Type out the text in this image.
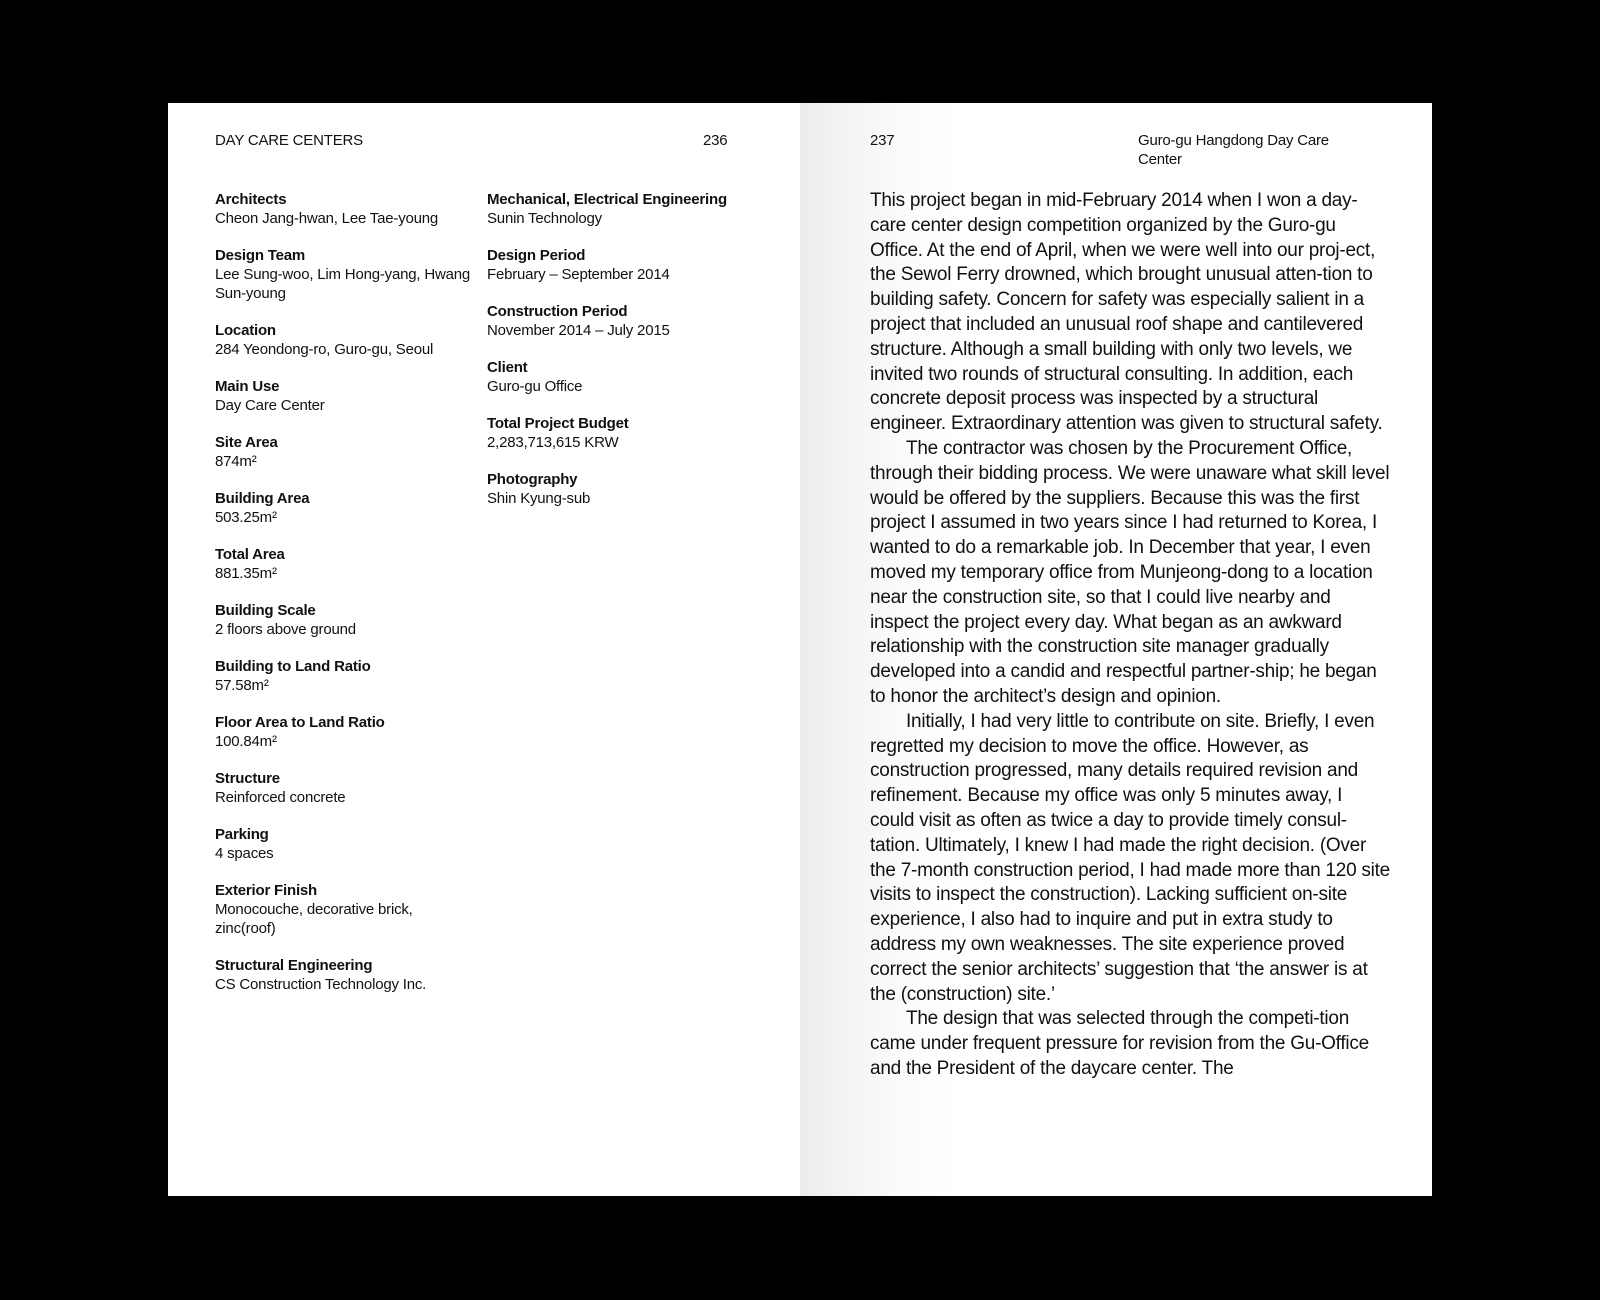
DAY CARE CENTERS	236
Architects
Cheon Jang-hwan, Lee Tae-young
Design Team
Lee Sung-woo, Lim Hong-yang, Hwang Sun-young
Location
284 Yeondong-ro, Guro-gu, Seoul
Main Use
Day Care Center
Site Area
874m²
Building Area
503.25m²
Total Area
881.35m²
Building Scale
2 floors above ground
Building to Land Ratio
57.58m²
Floor Area to Land Ratio
100.84m²
Structure
Reinforced concrete
Parking
4 spaces
Exterior Finish
Monocouche, decorative brick, zinc(roof)
Structural Engineering
CS Construction Technology Inc.
Mechanical, Electrical Engineering
Sunin Technology
Design Period
February – September 2014
Construction Period
November 2014 – July 2015
Client
Guro-gu Office
Total Project Budget
2,283,713,615 KRW
Photography
Shin Kyung-sub
237	Guro-gu Hangdong Day Care Center

This project began in mid-February 2014 when I won a day-care center design competition organized by the Guro-gu Office. At the end of April, when we were well into our proj-ect, the Sewol Ferry drowned, which brought unusual atten-tion to building safety. Concern for safety was especially salient in a project that included an unusual roof shape and cantilevered structure. Although a small building with only two levels, we invited two rounds of structural consulting. In addition, each concrete deposit process was inspected by a structural engineer. Extraordinary attention was given to structural safety.

The contractor was chosen by the Procurement Office, through their bidding process. We were unaware what skill level would be offered by the suppliers. Because this was the first project I assumed in two years since I had returned to Korea, I wanted to do a remarkable job. In December that year, I even moved my temporary office from Munjeong-dong to a location near the construction site, so that I could live nearby and inspect the project every day. What began as an awkward relationship with the construction site manager gradually developed into a candid and respectful partner-ship; he began to honor the architect’s design and opinion.

Initially, I had very little to contribute on site. Briefly, I even regretted my decision to move the office. However, as construction progressed, many details required revision and refinement. Because my office was only 5 minutes away, I could visit as often as twice a day to provide timely consul-tation. Ultimately, I knew I had made the right decision. (Over the 7-month construction period, I had made more than 120 site visits to inspect the construction). Lacking sufficient on-site experience, I also had to inquire and put in extra study to address my own weaknesses. The site experience proved correct the senior architects’ suggestion that ‘the answer is at the (construction) site.’

The design that was selected through the competi-tion came under frequent pressure for revision from the Gu-Office and the President of the daycare center. The
